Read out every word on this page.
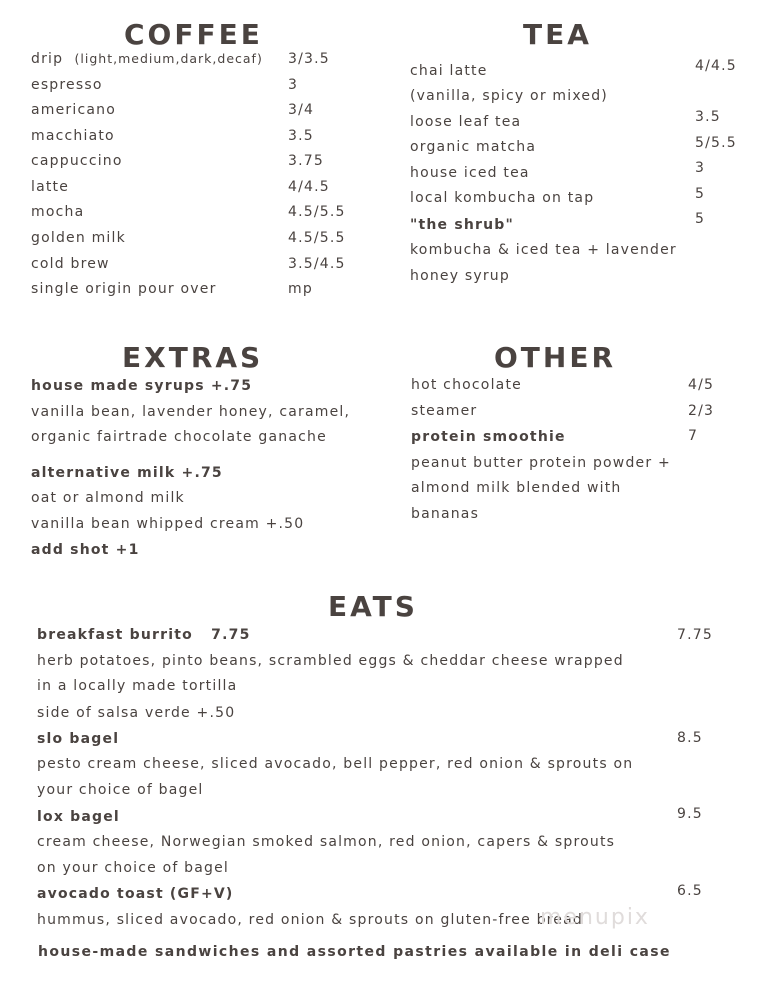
COFFEE
drip (light,medium,dark,decaf) 3/3.5
espresso	3
americano	3/4
macchiato	3.5
cappuccino	3.75
latte	4/4.5
mocha	4.5/5.5
golden milk	4.5/5.5
cold brew	3.5/4.5
single origin pour over	mp
TEA
chai latte	4/4.5
(vanilla, spicy or mixed)
loose leaf tea	3.5
organic matcha	5/5.5
house iced tea	3
local kombucha on tap	5
"the shrub"	5
kombucha & iced tea + lavender
honey syrup
EXTRAS
house made syrups +.75
vanilla bean, lavender honey, caramel,
organic fairtrade chocolate ganache
alternative milk +.75
oat or almond milk
vanilla bean whipped cream +.50
add shot +1
OTHER
hot chocolate	4/5
steamer	2/3
protein smoothie	7
peanut butter protein powder +
almond milk blended with
bananas
EATS
breakfast burrito 7.75	7.75
herb potatoes, pinto beans, scrambled eggs & cheddar cheese wrapped
in a locally made tortilla
side of salsa verde +.50
slo bagel	8.5
pesto cream cheese, sliced avocado, bell pepper, red onion & sprouts on
your choice of bagel
lox bagel	9.5
cream cheese, Norwegian smoked salmon, red onion, capers & sprouts
on your choice of bagel
avocado toast (GF+V)	6.5
hummus, sliced avocado, red onion & sprouts on gluten-free bread
menupix
house-made sandwiches and assorted pastries available in deli case
